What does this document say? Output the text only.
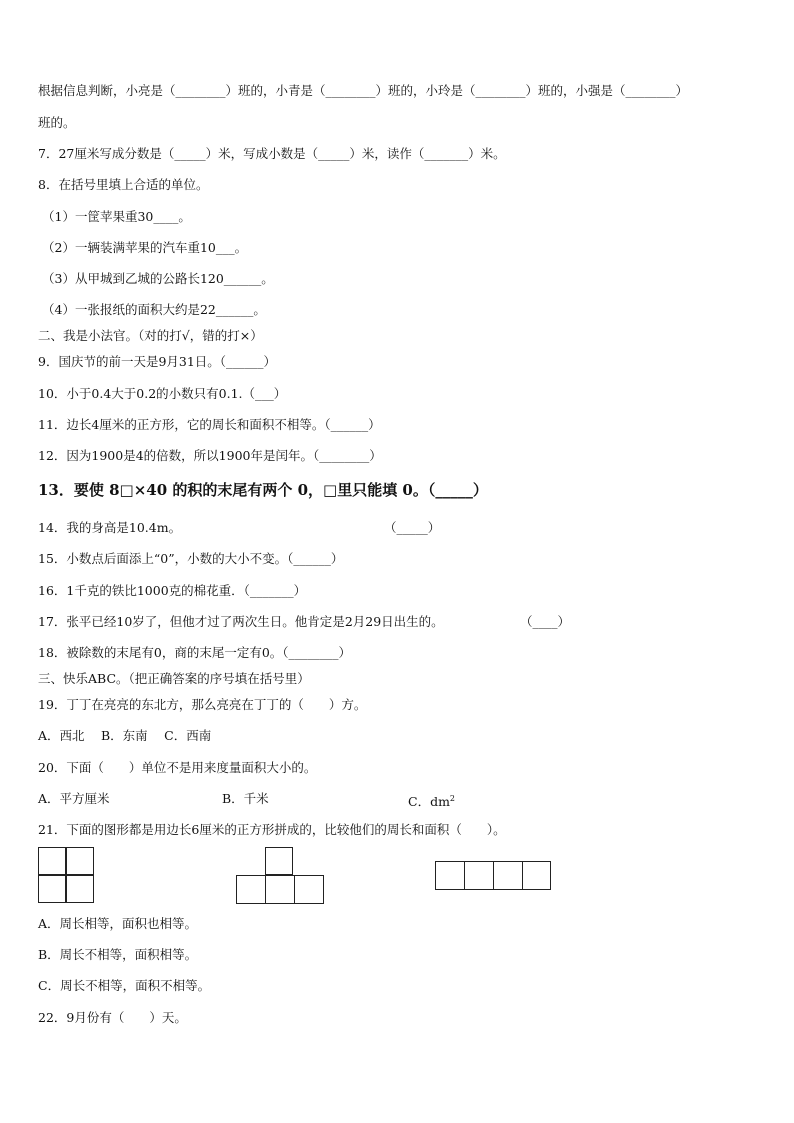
根据信息判断，小亮是（________）班的，小青是（________）班的，小玲是（________）班的，小强是（________）
班的。
7．27厘米写成分数是（_____）米，写成小数是（_____）米，读作（_______）米。
8．在括号里填上合适的单位。
（1）一筐苹果重30____。
（2）一辆装满苹果的汽车重10___。
（3）从甲城到乙城的公路长120______。
（4）一张报纸的面积大约是22______。
二、我是小法官。（对的打√，错的打×）
9．国庆节的前一天是9月31日。（______）
10．小于0.4大于0.2的小数只有0.1.（___）
11．边长4厘米的正方形，它的周长和面积不相等。（______）
12．因为1900是4的倍数，所以1900年是闰年。（________）
13．要使 8□×40 的积的末尾有两个 0，□里只能填 0。（_____）
14．我的身高是10.4m。	（_____）
15．小数点后面添上“0”，小数的大小不变。（______）
16．1千克的铁比1000克的棉花重．（_______）
17．张平已经10岁了，但他才过了两次生日。他肯定是2月29日出生的。	（____）
18．被除数的末尾有0，商的末尾一定有0。（________）
三、快乐ABC。（把正确答案的序号填在括号里）
19．丁丁在亮亮的东北方，那么亮亮在丁丁的（　　）方。
A．西北　 B．东南　 C．西南
20．下面（　　）单位不是用来度量面积大小的。
A．平方厘米	B．千米	C．$dm^2$
21．下面的图形都是用边长6厘米的正方形拼成的，比较他们的周长和面积（　　）。
A．周长相等，面积也相等。
B．周长不相等，面积相等。
C．周长不相等，面积不相等。
22．9月份有（　　）天。
